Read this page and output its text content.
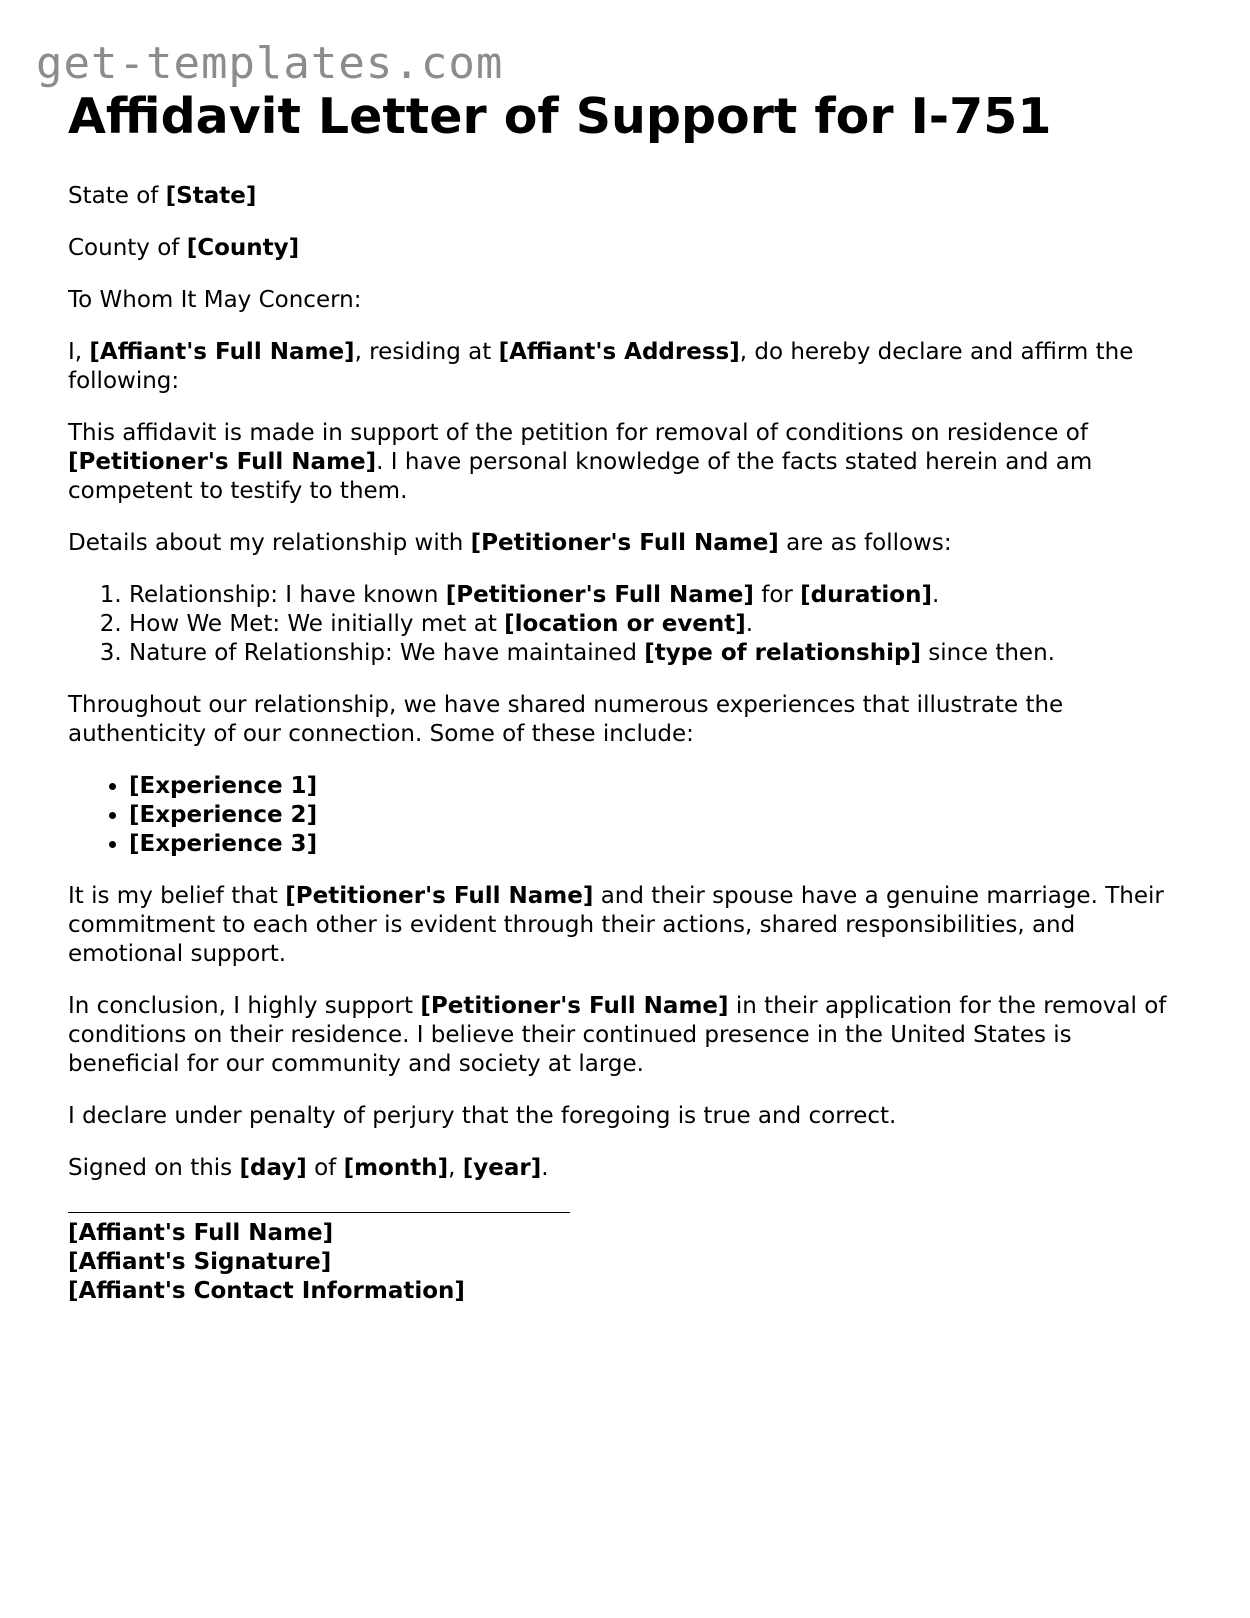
get-templates.com
Affidavit Letter of Support for I-751

State of [State]

County of [County]

To Whom It May Concern:

I, [Affiant's Full Name], residing at [Affiant's Address], do hereby declare and affirm the following:

This affidavit is made in support of the petition for removal of conditions on residence of [Petitioner's Full Name]. I have personal knowledge of the facts stated herein and am competent to testify to them.

Details about my relationship with [Petitioner's Full Name] are as follows:

1. Relationship: I have known [Petitioner's Full Name] for [duration].
2. How We Met: We initially met at [location or event].
3. Nature of Relationship: We have maintained [type of relationship] since then.

Throughout our relationship, we have shared numerous experiences that illustrate the authenticity of our connection. Some of these include:

• [Experience 1]
• [Experience 2]
• [Experience 3]

It is my belief that [Petitioner's Full Name] and their spouse have a genuine marriage. Their commitment to each other is evident through their actions, shared responsibilities, and emotional support.

In conclusion, I highly support [Petitioner's Full Name] in their application for the removal of conditions on their residence. I believe their continued presence in the United States is beneficial for our community and society at large.

I declare under penalty of perjury that the foregoing is true and correct.

Signed on this [day] of [month], [year].

[Affiant's Full Name]
[Affiant's Signature]
[Affiant's Contact Information]
